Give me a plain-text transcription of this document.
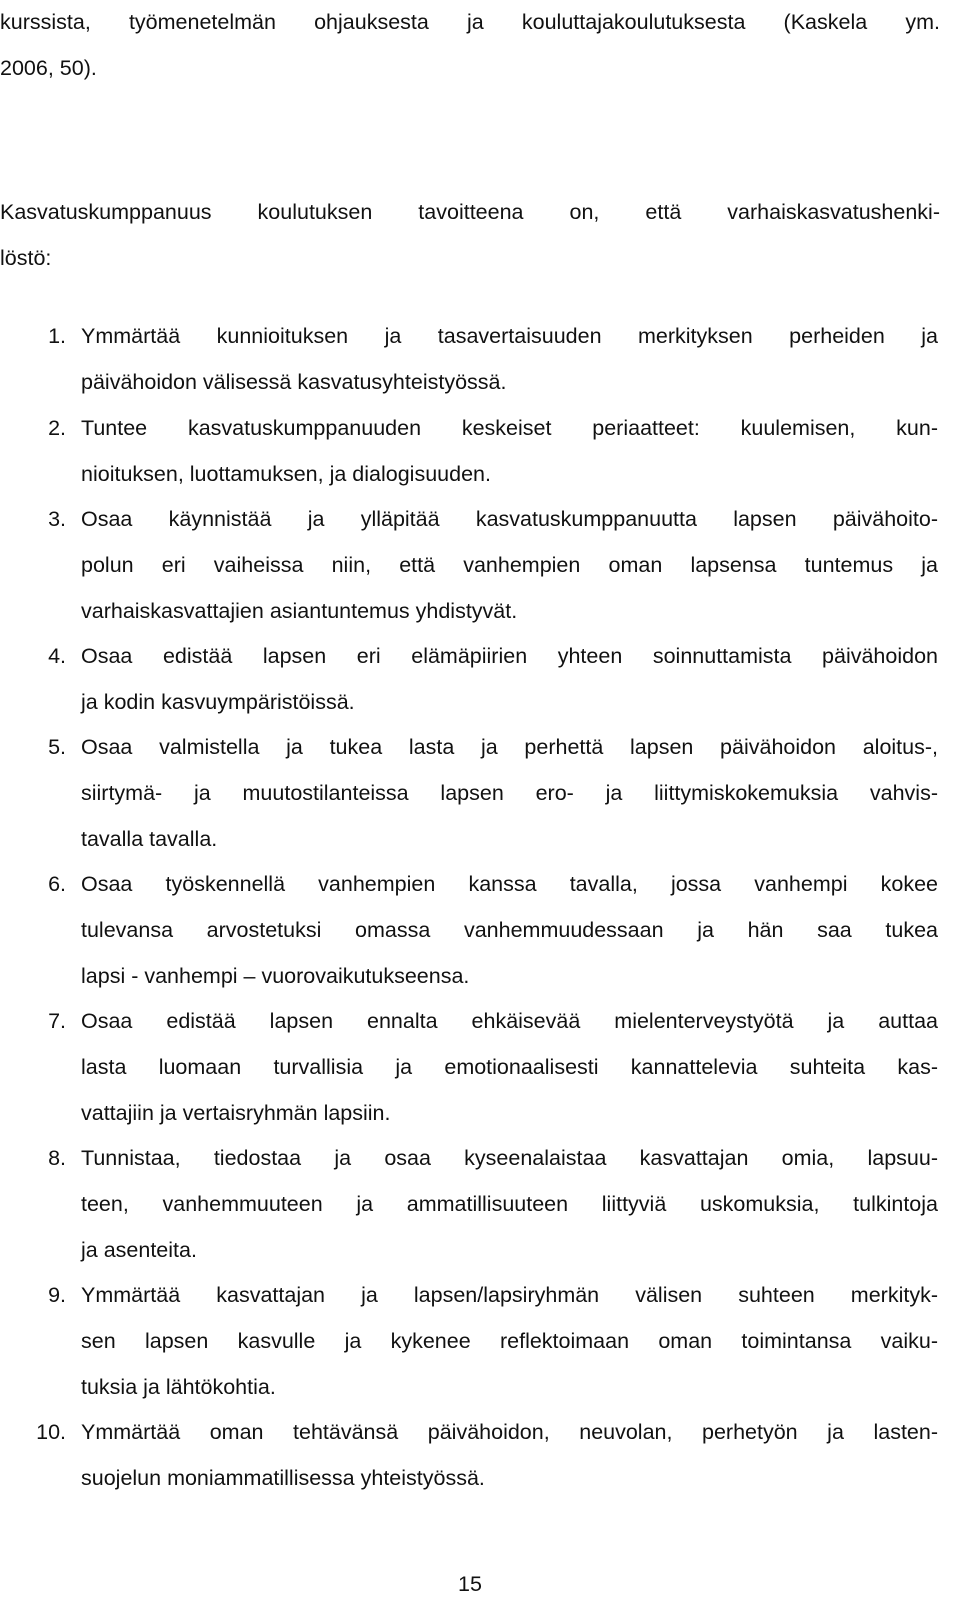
kurssista, työmenetelmän ohjauksesta ja kouluttajakoulutuksesta (Kaskela ym.
2006, 50).
Kasvatuskumppanuus koulutuksen tavoitteena on, että varhaiskasvatushenki-
löstö:
1. Ymmärtää kunnioituksen ja tasavertaisuuden merkityksen perheiden ja
päivähoidon välisessä kasvatusyhteistyössä.
2. Tuntee kasvatuskumppanuuden keskeiset periaatteet: kuulemisen, kun-
nioituksen, luottamuksen, ja dialogisuuden.
3. Osaa käynnistää ja ylläpitää kasvatuskumppanuutta lapsen päivähoito-
polun eri vaiheissa niin, että vanhempien oman lapsensa tuntemus ja
varhaiskasvattajien asiantuntemus yhdistyvät.
4. Osaa edistää lapsen eri elämäpiirien yhteen soinnuttamista päivähoidon
ja kodin kasvuympäristöissä.
5. Osaa valmistella ja tukea lasta ja perhettä lapsen päivähoidon aloitus-,
siirtymä- ja muutostilanteissa lapsen ero- ja liittymiskokemuksia vahvis-
tavalla tavalla.
6. Osaa työskennellä vanhempien kanssa tavalla, jossa vanhempi kokee
tulevansa arvostetuksi omassa vanhemmuudessaan ja hän saa tukea
lapsi - vanhempi – vuorovaikutukseensa.
7. Osaa edistää lapsen ennalta ehkäisevää mielenterveystyötä ja auttaa
lasta luomaan turvallisia ja emotionaalisesti kannattelevia suhteita kas-
vattajiin ja vertaisryhmän lapsiin.
8. Tunnistaa, tiedostaa ja osaa kyseenalaistaa kasvattajan omia, lapsuu-
teen, vanhemmuuteen ja ammatillisuuteen liittyviä uskomuksia, tulkintoja
ja asenteita.
9. Ymmärtää kasvattajan ja lapsen/lapsiryhmän välisen suhteen merkityk-
sen lapsen kasvulle ja kykenee reflektoimaan oman toimintansa vaiku-
tuksia ja lähtökohtia.
10. Ymmärtää oman tehtävänsä päivähoidon, neuvolan, perhetyön ja lasten-
suojelun moniammatillisessa yhteistyössä.
15
